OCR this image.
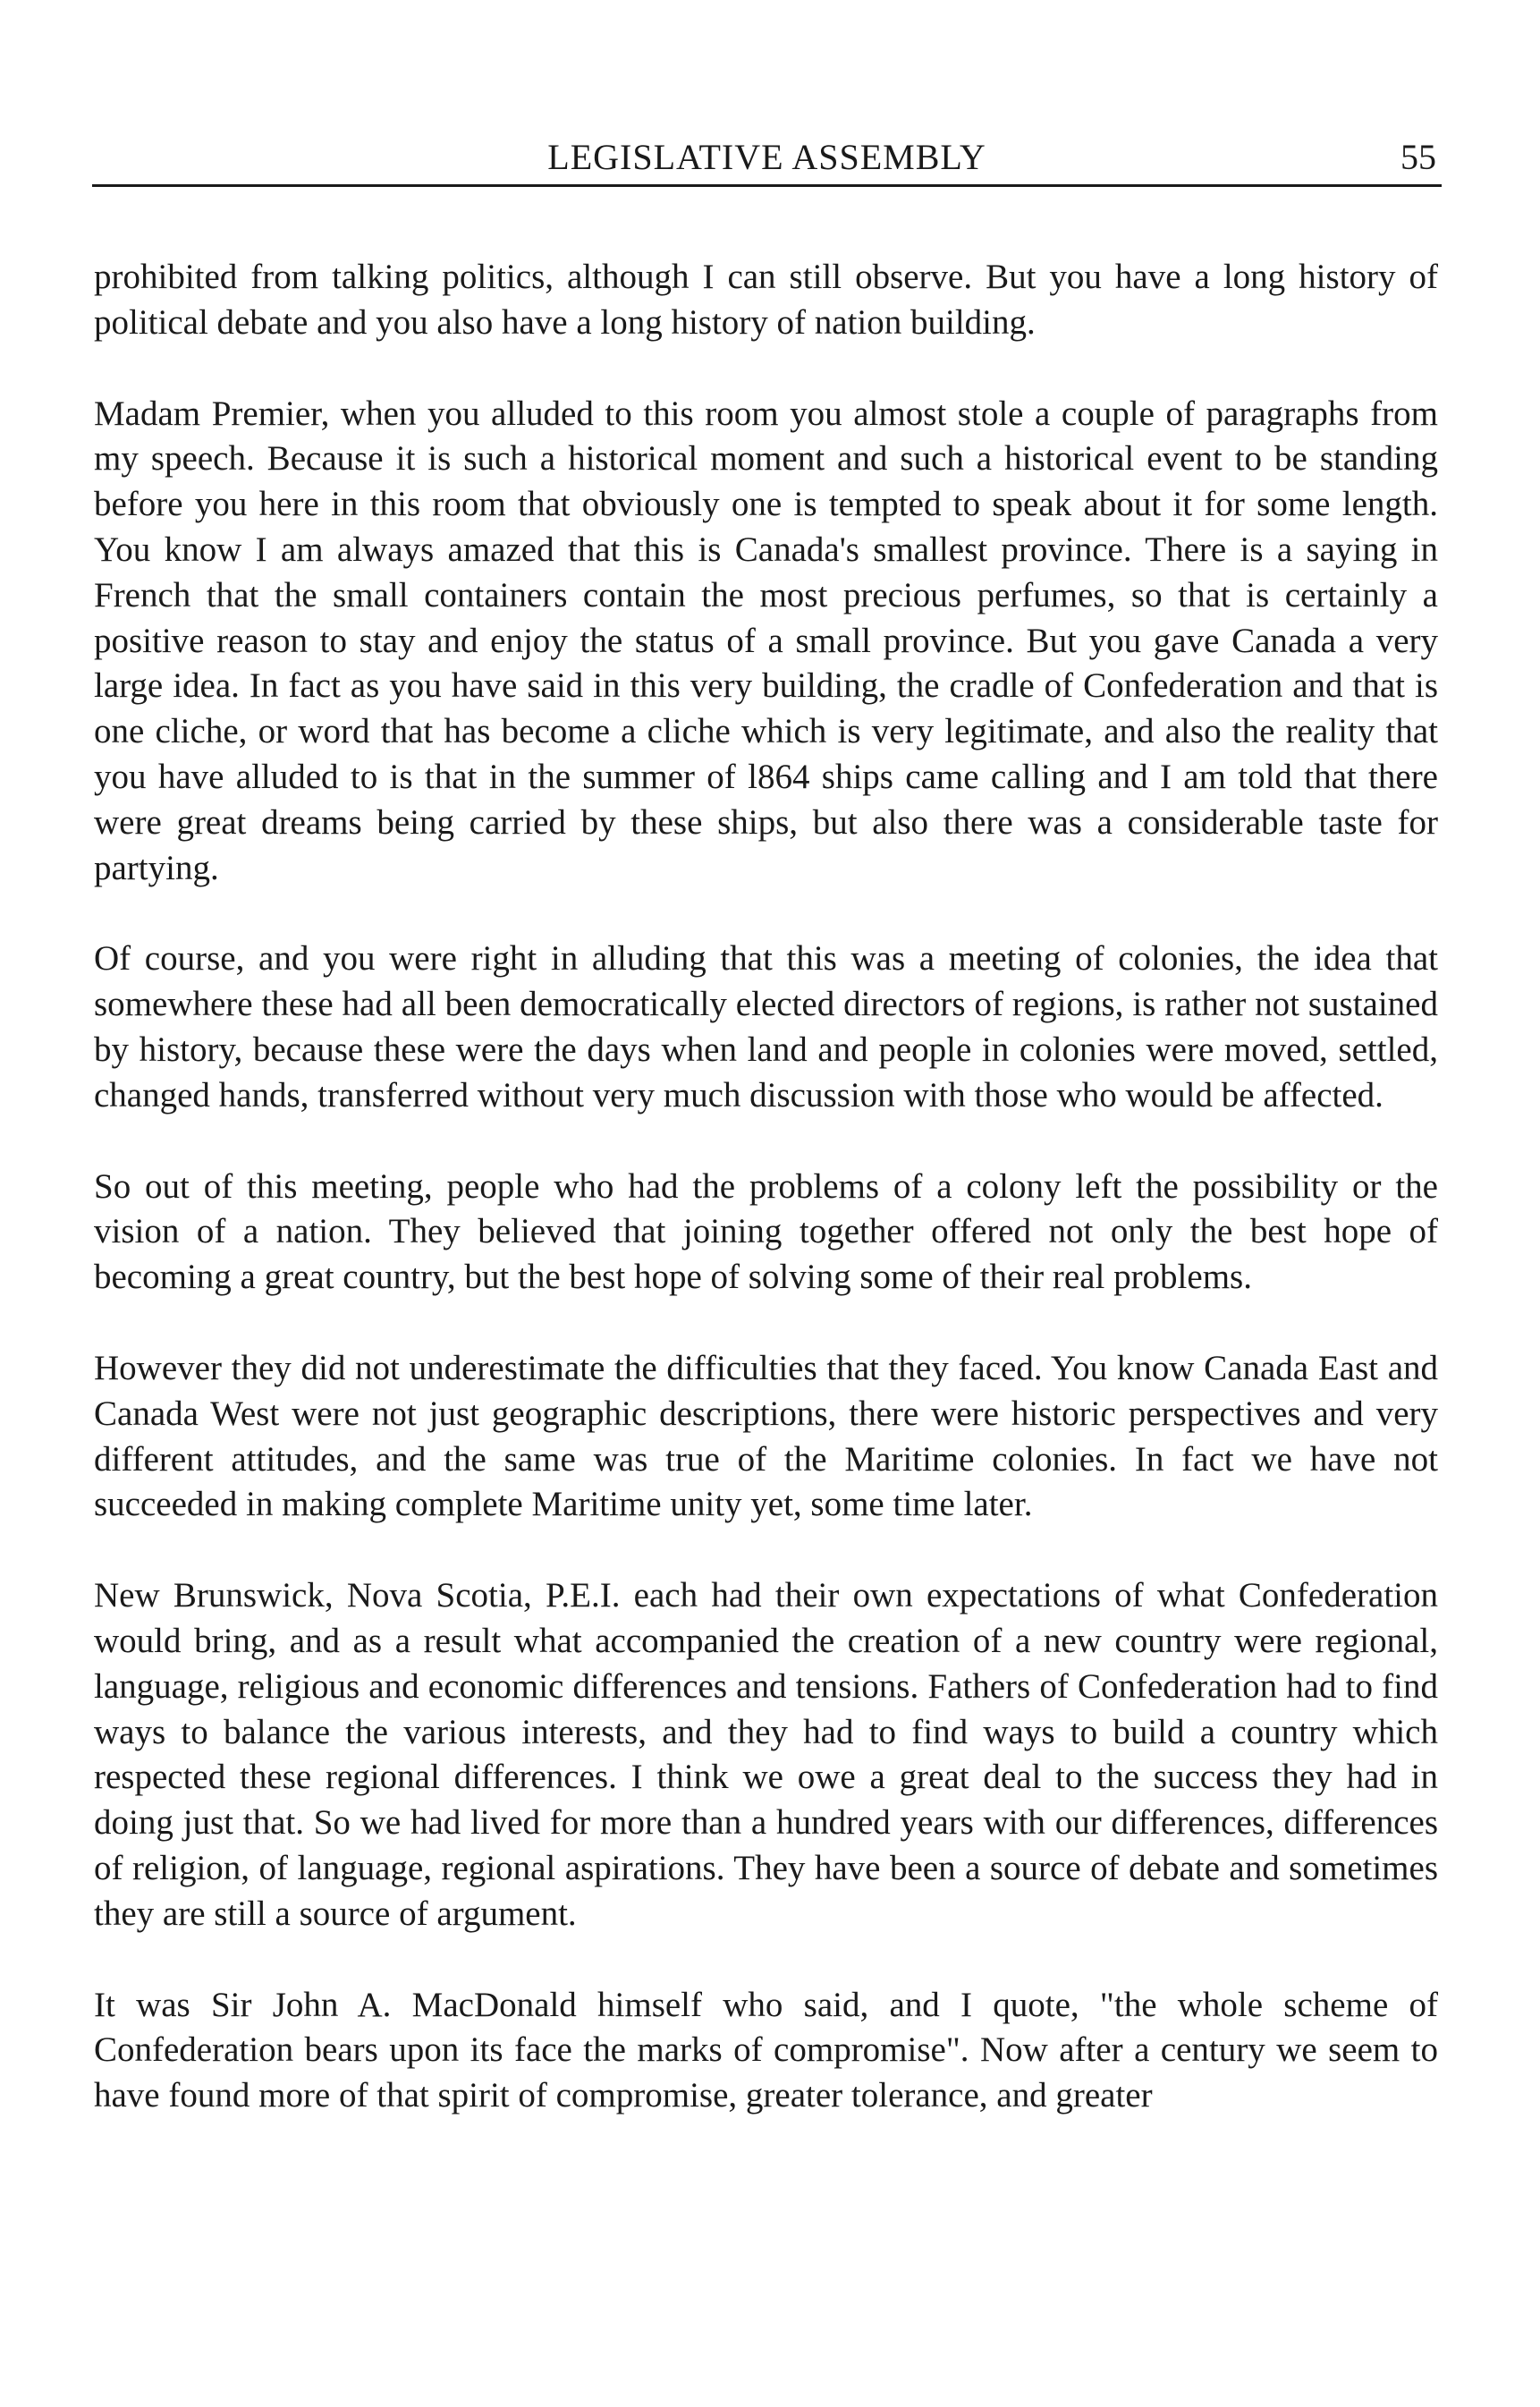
LEGISLATIVE ASSEMBLY	55

prohibited from talking politics, although I can still observe. But you have a long history of political debate and you also have a long history of nation building.

Madam Premier, when you alluded to this room you almost stole a couple of paragraphs from my speech. Because it is such a historical moment and such a historical event to be standing before you here in this room that obviously one is tempted to speak about it for some length. You know I am always amazed that this is Canada's smallest province. There is a saying in French that the small containers contain the most precious perfumes, so that is certainly a positive reason to stay and enjoy the status of a small province. But you gave Canada a very large idea. In fact as you have said in this very building, the cradle of Confederation and that is one cliche, or word that has become a cliche which is very legitimate, and also the reality that you have alluded to is that in the summer of l864 ships came calling and I am told that there were great dreams being carried by these ships, but also there was a considerable taste for partying.

Of course, and you were right in alluding that this was a meeting of colonies, the idea that somewhere these had all been democratically elected directors of regions, is rather not sustained by history, because these were the days when land and people in colonies were moved, settled, changed hands, transferred without very much discussion with those who would be affected.

So out of this meeting, people who had the problems of a colony left the possibility or the vision of a nation. They believed that joining together offered not only the best hope of becoming a great country, but the best hope of solving some of their real problems.

However they did not underestimate the difficulties that they faced. You know Canada East and Canada West were not just geographic descriptions, there were historic perspectives and very different attitudes, and the same was true of the Maritime colonies. In fact we have not succeeded in making complete Maritime unity yet, some time later.

New Brunswick, Nova Scotia, P.E.I. each had their own expectations of what Confederation would bring, and as a result what accompanied the creation of a new country were regional, language, religious and economic differences and tensions. Fathers of Confederation had to find ways to balance the various interests, and they had to find ways to build a country which respected these regional differences. I think we owe a great deal to the success they had in doing just that. So we had lived for more than a hundred years with our differences, differences of religion, of language, regional aspirations. They have been a source of debate and sometimes they are still a source of argument.

It was Sir John A. MacDonald himself who said, and I quote, "the whole scheme of Confederation bears upon its face the marks of compromise". Now after a century we seem to have found more of that spirit of compromise, greater tolerance, and greater
